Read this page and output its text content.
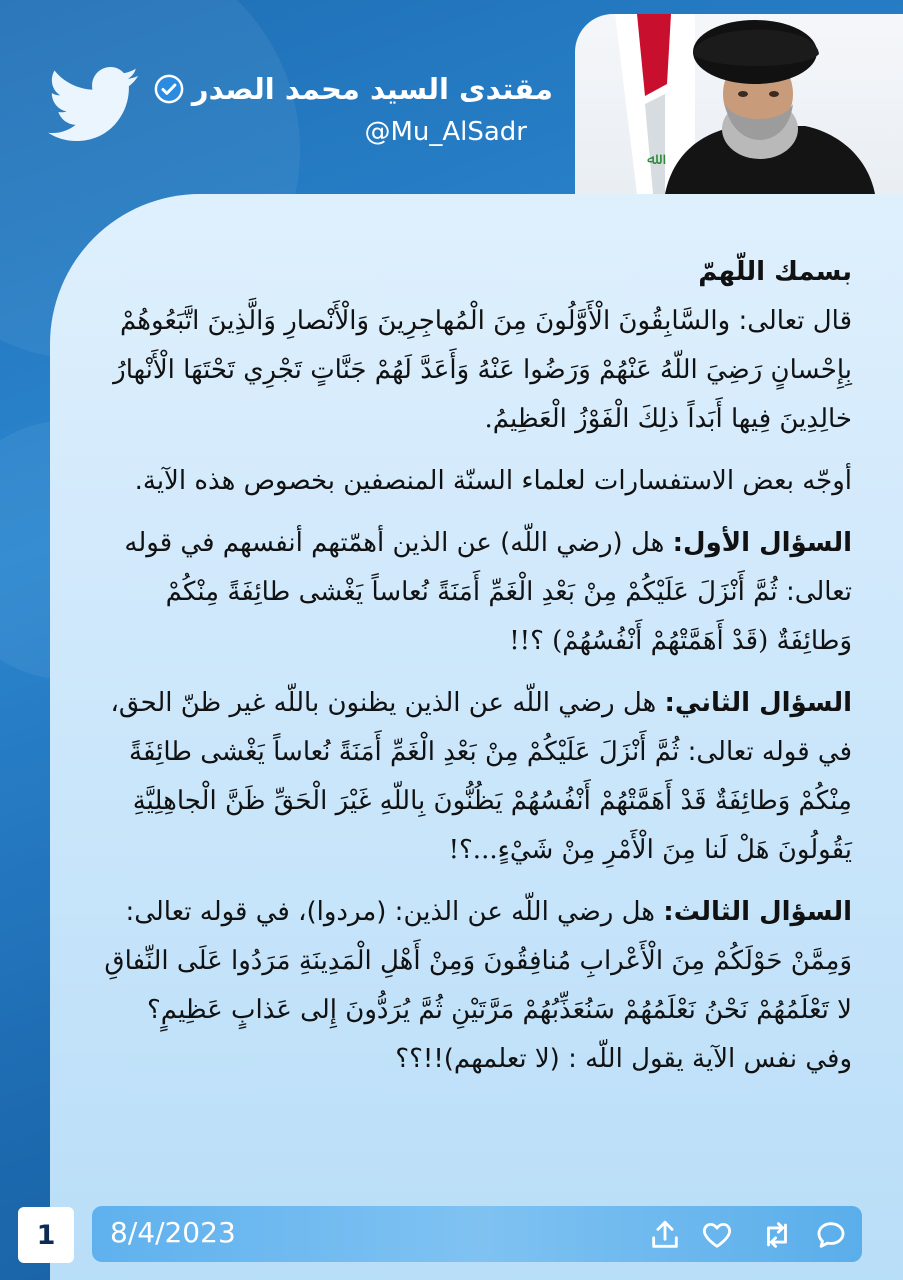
مقتدى السيد محمد الصدر
@Mu_AlSadr
ﷲ

بسمك اللّهمّ

قال تعالى: والسَّابِقُونَ الْأَوَّلُونَ مِنَ الْمُهاجِرِينَ وَالْأَنْصارِ وَالَّذِينَ اتَّبَعُوهُمْ بِإِحْسانٍ رَضِيَ اللّهُ عَنْهُمْ وَرَضُوا عَنْهُ وَأَعَدَّ لَهُمْ جَنَّاتٍ تَجْرِي تَحْتَهَا الْأَنْهارُ خالِدِينَ فِيها أَبَداً ذلِكَ الْفَوْزُ الْعَظِيمُ.

أوجّه بعض الاستفسارات لعلماء السنّة المنصفين بخصوص هذه الآية.

السؤال الأول: هل (رضي اللّه) عن الذين أهمّتهم أنفسهم في قوله تعالى: ثُمَّ أَنْزَلَ عَلَيْكُمْ مِنْ بَعْدِ الْغَمِّ أَمَنَةً نُعاساً يَغْشى طائِفَةً مِنْكُمْ وَطائِفَةٌ (قَدْ أَهَمَّتْهُمْ أَنْفُسُهُمْ) ؟!!

السؤال الثاني: هل رضي اللّه عن الذين يظنون باللّه غير ظنّ الحق، في قوله تعالى: ثُمَّ أَنْزَلَ عَلَيْكُمْ مِنْ بَعْدِ الْغَمِّ أَمَنَةً نُعاساً يَغْشى طائِفَةً مِنْكُمْ وَطائِفَةٌ قَدْ أَهَمَّتْهُمْ أَنْفُسُهُمْ يَظُنُّونَ بِاللّهِ غَيْرَ الْحَقِّ ظَنَّ الْجاهِلِيَّةِ يَقُولُونَ هَلْ لَنا مِنَ الْأَمْرِ مِنْ شَيْءٍ...؟!

السؤال الثالث: هل رضي اللّه عن الذين: (مردوا)، في قوله تعالى: وَمِمَّنْ حَوْلَكُمْ مِنَ الْأَعْرابِ مُنافِقُونَ وَمِنْ أَهْلِ الْمَدِينَةِ مَرَدُوا عَلَى النِّفاقِ لا تَعْلَمُهُمْ نَحْنُ نَعْلَمُهُمْ سَنُعَذِّبُهُمْ مَرَّتَيْنِ ثُمَّ يُرَدُّونَ إِلى عَذابٍ عَظِيمٍ؟

وفي نفس الآية يقول اللّه : (لا تعلمهم)!!؟؟

1	8/4/2023
